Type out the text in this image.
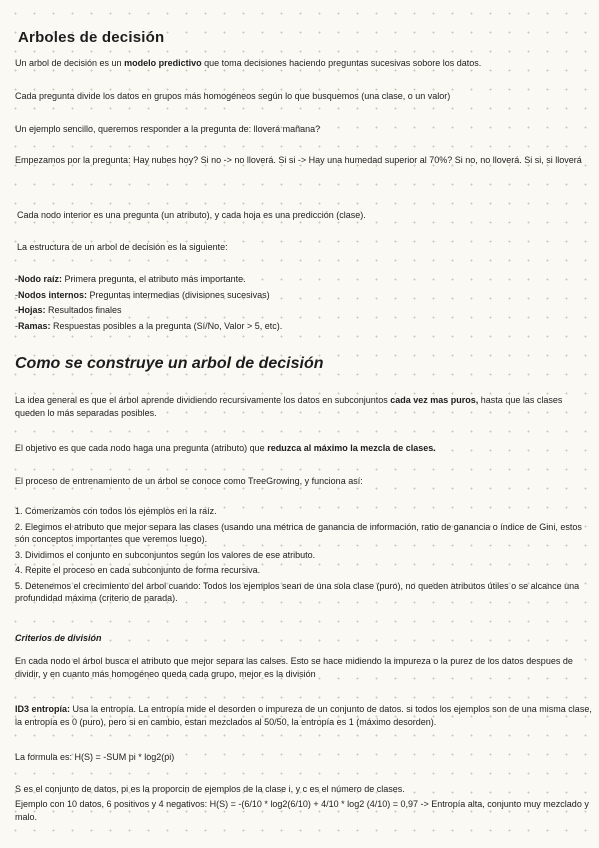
Arboles de decisión

Un arbol de decisión es un modelo predictivo que toma decisiones haciendo preguntas sucesivas sobore los datos.

Cada pregunta divide los datos en grupos más homogéneos según lo que busquemos (una clase, o un valor)

Un ejemplo sencillo, queremos responder a la pregunta de: lloverá mañana?

Empezamos por la pregunta: Hay nubes hoy? Si no -> no lloverá. Si si -> Hay una humedad superior al 70%? Si no, no lloverá. Si si, si lloverá

Cada nodo interior es una pregunta (un atributo), y cada hoja es una predicción (clase).

La estructura de un arbol de decisión es la siguiente:

-Nodo raíz: Primera pregunta, el atributo más importante.
-Nodos internos: Preguntas intermedias (divisiones sucesivas)
-Hojas: Resultados finales
-Ramas: Respuestas posibles a la pregunta (Sí/No, Valor > 5, etc).
Como se construye un arbol de decisión

La idea general es que el árbol aprende dividiendo recursivamente los datos en subconjuntos cada vez mas puros, hasta que las clases queden lo más separadas posibles.

El objetivo es que cada nodo haga una pregunta (atributo) que reduzca al máximo la mezcla de clases.

El proceso de entrenamiento de un árbol se conoce como TreeGrowing, y funciona así:

1. Comenzamos con todos los ejemplos en la raíz.
2. Elegimos el atributo que mejor separa las clases (usando una métrica de ganancia de información, ratio de ganancia o índice de Gini, estos són conceptos importantes que veremos luego).
3. Dividimos el conjunto en subconjuntos según los valores de ese atributo.
4. Repite el proceso en cada subconjunto de forma recursiva.
5. Detenemos el crecimiento del arbol cuando: Todos los ejemplos sean de una sola clase (puro), no queden atributos útiles o se alcance una profundidad máxima (criterio de parada).
Criterios de división

En cada nodo el árbol busca el atributo que mejor separa las calses. Esto se hace midiendo la impureza o la purez de los datos despues de dividir, y en cuanto más homogéneo queda cada grupo, mejor es la división

ID3 entropía: Usa la entropía. La entropía mide el desorden o impureza de un conjunto de datos. si todos los ejemplos son de una misma clase, la entropía es 0 (puro), pero si en cambio, estan mezclados al 50/50, la entropía es 1 (máximo desorden).

La formula es: H(S) = -SUM pi * log2(pi)

S es el conjunto de datos, pi es la proporcin de ejemplos de la clase i, y c es el número de clases.

Ejemplo con 10 datos, 6 positivos y 4 negativos: H(S) = -(6/10 * log2(6/10) + 4/10 * log2 (4/10) = 0,97 -> Entropía alta, conjunto muy mezclado y malo.
